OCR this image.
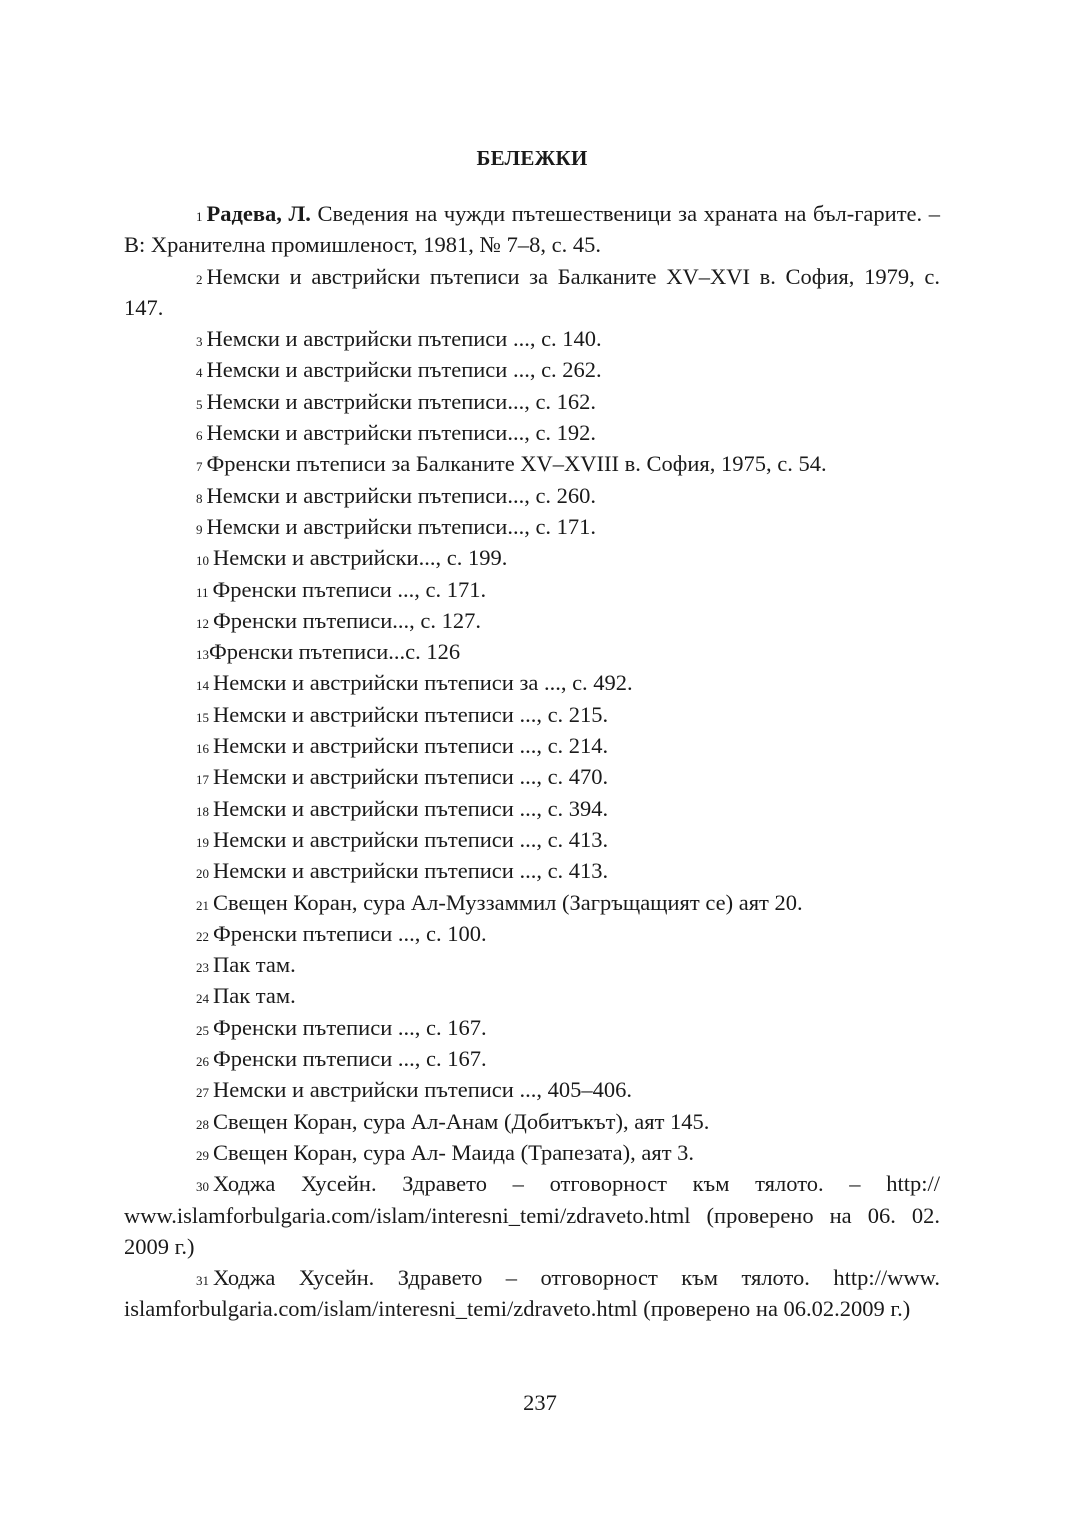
БЕЛЕЖКИ

$^1$ Радева, Л. Сведения на чужди пътешественици за храната на бъл-гарите. – В: Хранителна промишленост, 1981, № 7–8, с. 45.

$^2$ Немски и австрийски пътеписи за Балканите XV–XVI в. София, 1979, с. 147.

$^3$ Немски и австрийски пътеписи ..., с. 140.

$^4$ Немски и австрийски пътеписи ..., с. 262.

$^5$ Немски и австрийски пътеписи..., с. 162.

$^6$ Немски и австрийски пътеписи..., с. 192.

$^7$ Френски пътеписи за Балканите XV–XVIII в. София, 1975, с. 54.

$^8$ Немски и австрийски пътеписи..., с. 260.

$^9$ Немски и австрийски пътеписи..., с. 171.

$^{10}$ Немски и австрийски..., с. 199.

$^{11}$ Френски пътеписи ..., с. 171.

$^{12}$ Френски пътеписи..., с. 127.

$^{13}$Френски пътеписи...с. 126

$^{14}$ Немски и австрийски пътеписи за ..., с. 492.

$^{15}$ Немски и австрийски пътеписи ..., с. 215.

$^{16}$ Немски и австрийски пътеписи ..., с. 214.

$^{17}$ Немски и австрийски пътеписи ..., с. 470.

$^{18}$ Немски и австрийски пътеписи ..., с. 394.

$^{19}$ Немски и австрийски пътеписи ..., с. 413.

$^{20}$ Немски и австрийски пътеписи ..., с. 413.

$^{21}$ Свещен Коран, сура Ал-Муззаммил (Загръщащият се) аят 20.

$^{22}$ Френски пътеписи ..., с. 100.

$^{23}$ Пак там.

$^{24}$ Пак там.

$^{25}$ Френски пътеписи ..., с. 167.

$^{26}$ Френски пътеписи ..., с. 167.

$^{27}$ Немски и австрийски пътеписи ..., 405–406.

$^{28}$ Свещен Коран, сура Ал-Анам (Добитъкът), аят 145.

$^{29}$ Свещен Коран, сура Ал- Маида (Трапезата), аят 3.

$^{30}$ Ходжа Хусейн. Здравето – отговорност към тялото. – http:// www.islamforbulgaria.com/islam/interesni_temi/zdraveto.html (проверено на 06. 02. 2009 г.)

$^{31}$ Ходжа Хусейн. Здравето – отговорност към тялото. http://www. islamforbulgaria.com/islam/interesni_temi/zdraveto.html (проверено на 06.02.2009 г.)

237
